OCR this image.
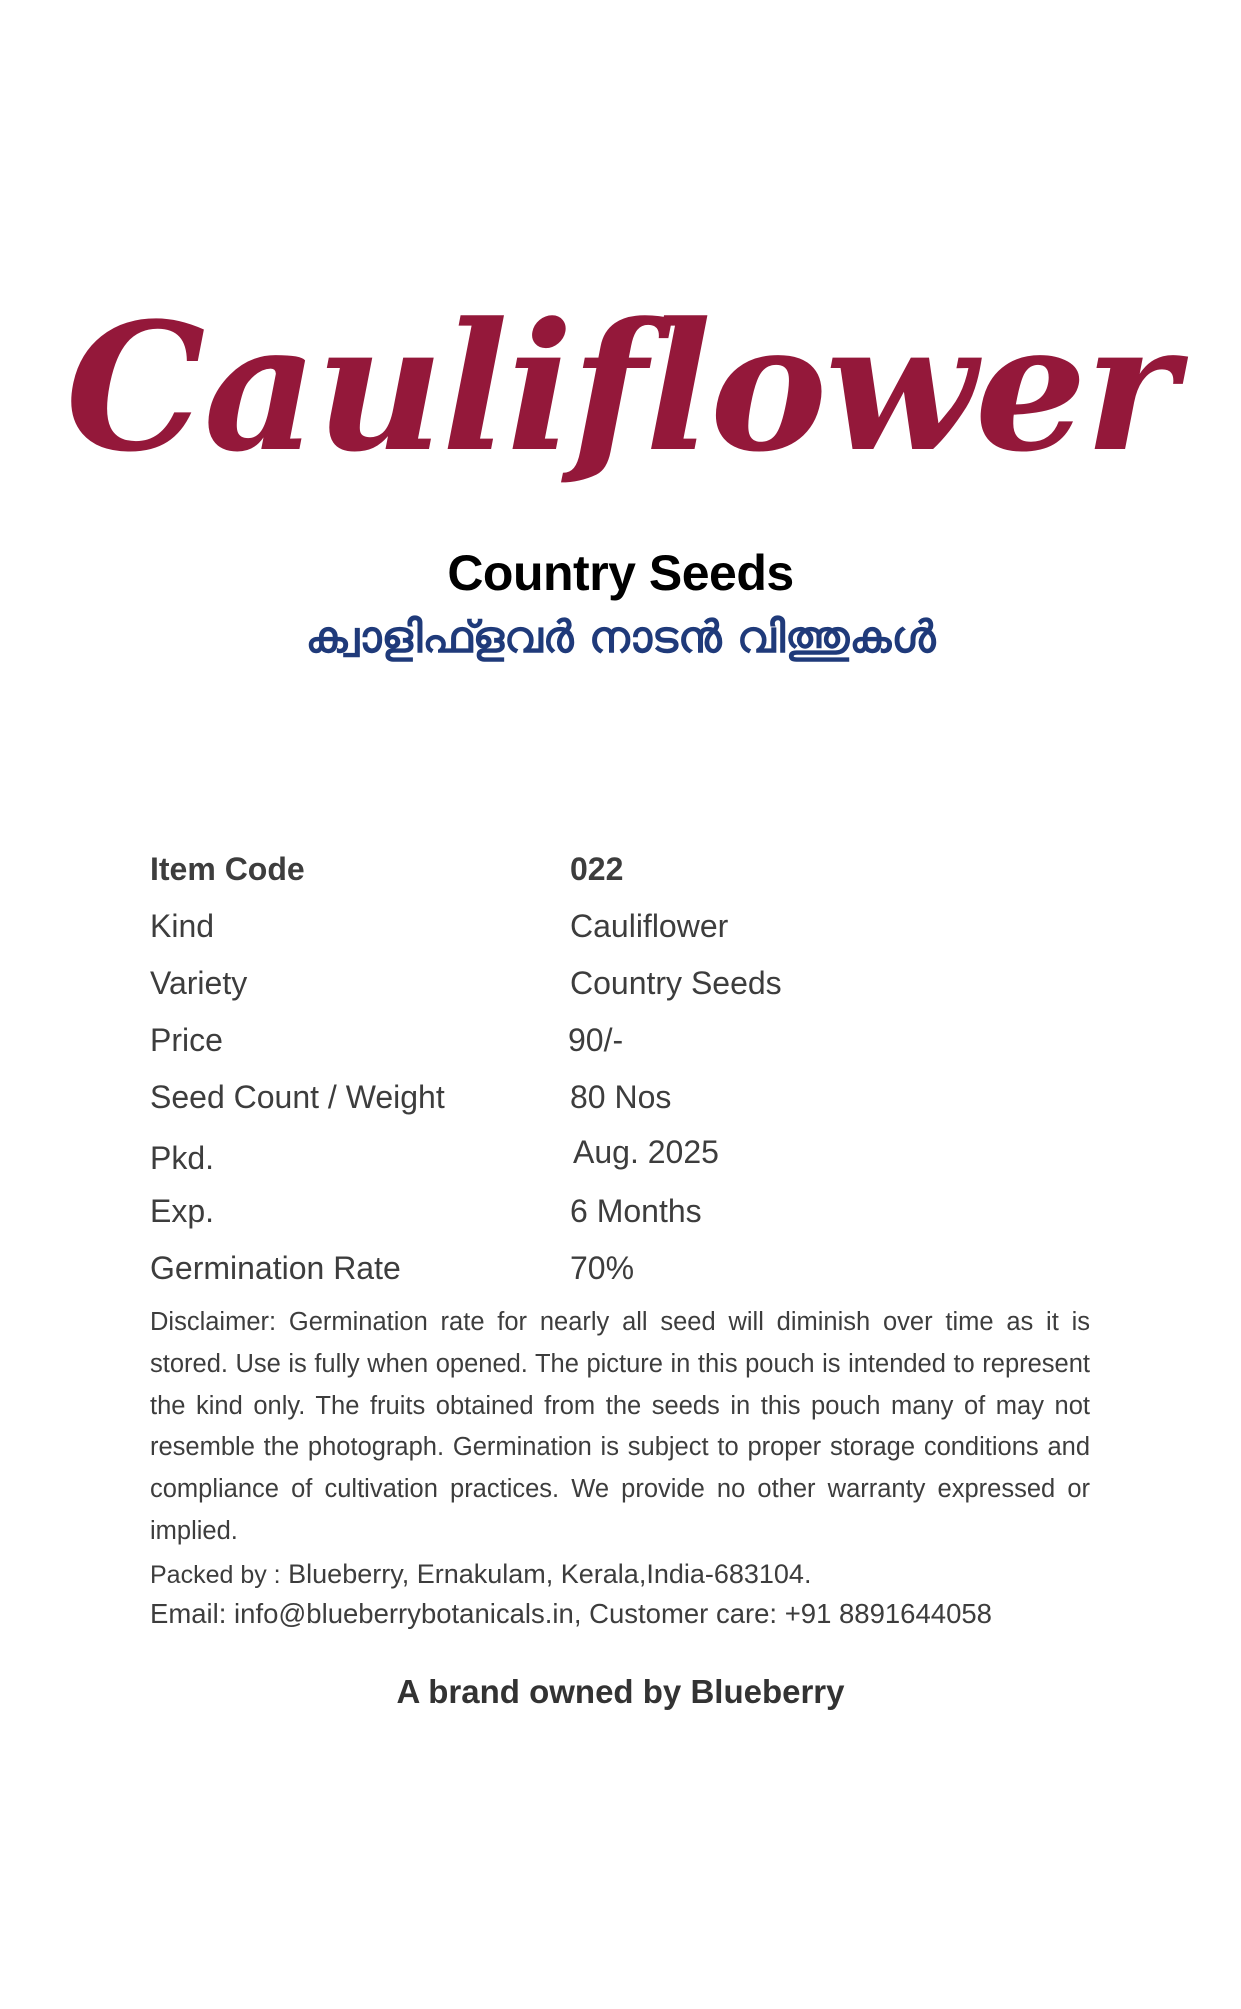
Cauliflower
Country Seeds
ക്വാളിഫ്ളവർ നാടൻ വിത്തുകൾ
Item Code	022
Kind	Cauliflower
Variety	Country Seeds
Price	90/-
Seed Count / Weight	80 Nos
Pkd.	Aug. 2025
Exp.	6 Months
Germination Rate	70%
Disclaimer: Germination rate for nearly all seed will diminish over time as it is stored. Use is fully when opened. The picture in this pouch is intended to represent the kind only. The fruits obtained from the seeds in this pouch many of may not resemble the photograph. Germination is subject to proper storage conditions and compliance of cultivation practices. We provide no other warranty expressed or implied.
Packed by : Blueberry, Ernakulam, Kerala,India-683104.
Email: info@blueberrybotanicals.in, Customer care: +91 8891644058
A brand owned by Blueberry
